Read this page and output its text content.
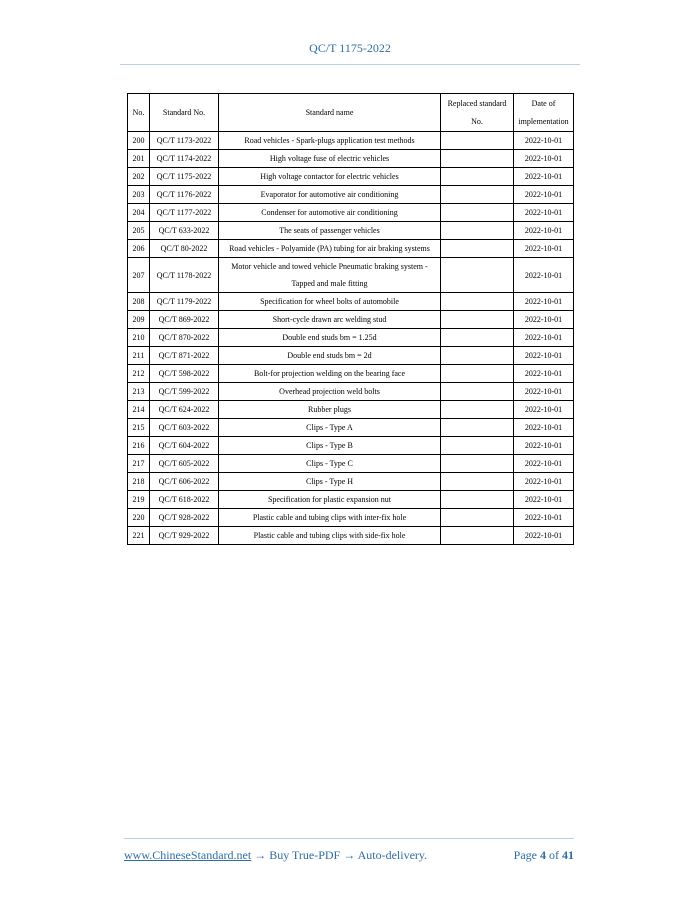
QC/T 1175-2022
No.	Standard No.	Standard name	Replaced standard No.	Date of implementation
200	QC/T 1173-2022	Road vehicles - Spark-plugs application test methods		2022-10-01
201	QC/T 1174-2022	High voltage fuse of electric vehicles		2022-10-01
202	QC/T 1175-2022	High voltage contactor for electric vehicles		2022-10-01
203	QC/T 1176-2022	Evaporator for automotive air conditioning		2022-10-01
204	QC/T 1177-2022	Condenser for automotive air conditioning		2022-10-01
205	QC/T 633-2022	The seats of passenger vehicles		2022-10-01
206	QC/T 80-2022	Road vehicles - Polyamide (PA) tubing for air braking systems		2022-10-01
207	QC/T 1178-2022	Motor vehicle and towed vehicle Pneumatic braking system - Tapped and male fitting		2022-10-01
208	QC/T 1179-2022	Specification for wheel bolts of automobile		2022-10-01
209	QC/T 869-2022	Short-cycle drawn arc welding stud		2022-10-01
210	QC/T 870-2022	Double end studs bm = 1.25d		2022-10-01
211	QC/T 871-2022	Double end studs bm = 2d		2022-10-01
212	QC/T 598-2022	Bolt-for projection welding on the bearing face		2022-10-01
213	QC/T 599-2022	Overhead projection weld bolts		2022-10-01
214	QC/T 624-2022	Rubber plugs		2022-10-01
215	QC/T 603-2022	Clips - Type A		2022-10-01
216	QC/T 604-2022	Clips - Type B		2022-10-01
217	QC/T 605-2022	Clips - Type C		2022-10-01
218	QC/T 606-2022	Clips - Type H		2022-10-01
219	QC/T 618-2022	Specification for plastic expansion nut		2022-10-01
220	QC/T 928-2022	Plastic cable and tubing clips with inter-fix hole		2022-10-01
221	QC/T 929-2022	Plastic cable and tubing clips with side-fix hole		2022-10-01
www.ChineseStandard.net → Buy True-PDF → Auto-delivery.	Page 4 of 41
